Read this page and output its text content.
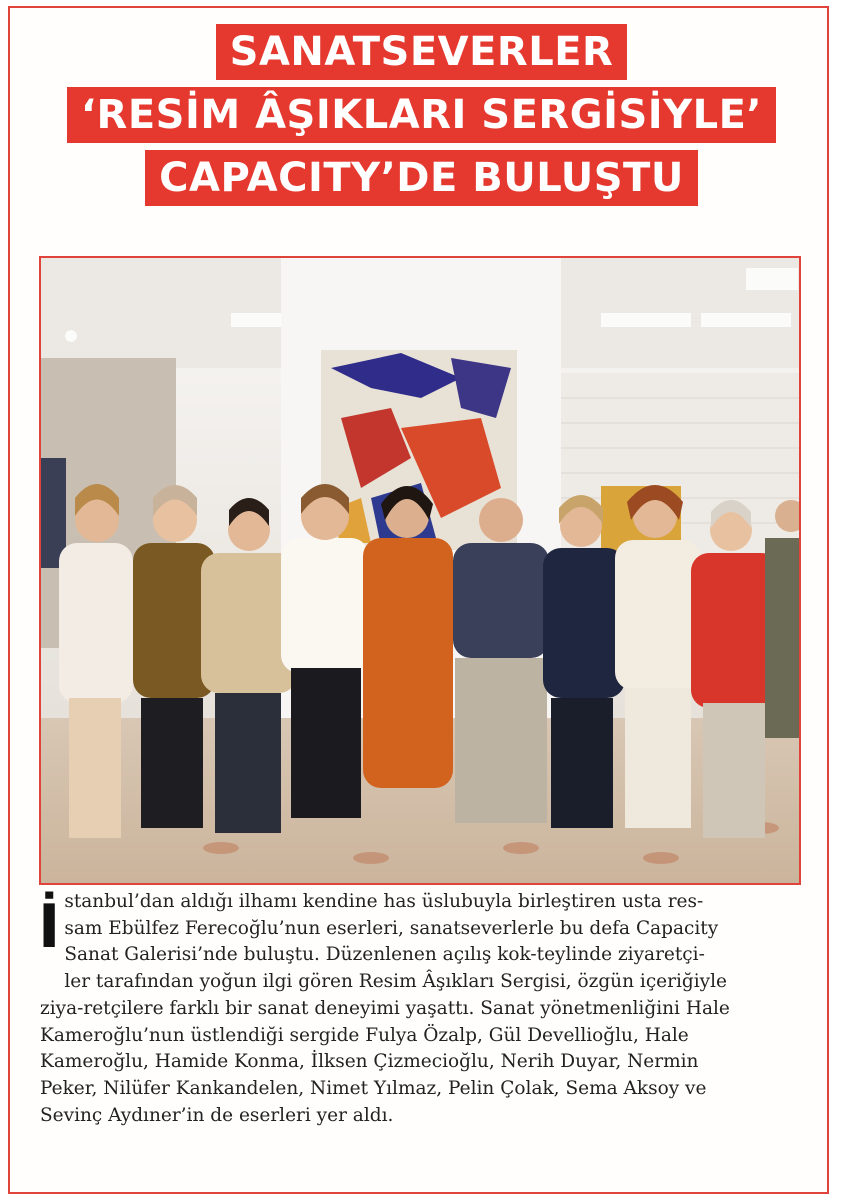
SANATSEVERLER
‘RESİM ÂŞIKLARI SERGİSİYLE’
CAPACITY’DE BULUŞTU
İ stanbul’dan aldığı ilhamı kendine has üslubuyla birleştiren usta res-
sam Ebülfez Ferecoğlu’nun eserleri, sanatseverlerle bu defa Capacity
Sanat Galerisi’nde buluştu. Düzenlenen açılış kok-teylinde ziyaretçi-
ler tarafından yoğun ilgi gören Resim Âşıkları Sergisi, özgün içeriğiyle
ziya-retçilere farklı bir sanat deneyimi yaşattı. Sanat yönetmenliğini Hale
Kameroğlu’nun üstlendiği sergide Fulya Özalp, Gül Devellioğlu, Hale
Kameroğlu, Hamide Konma, İlksen Çizmecioğlu, Nerih Duyar, Nermin
Peker, Nilüfer Kankandelen, Nimet Yılmaz, Pelin Çolak, Sema Aksoy ve
Sevinç Aydıner’in de eserleri yer aldı.
